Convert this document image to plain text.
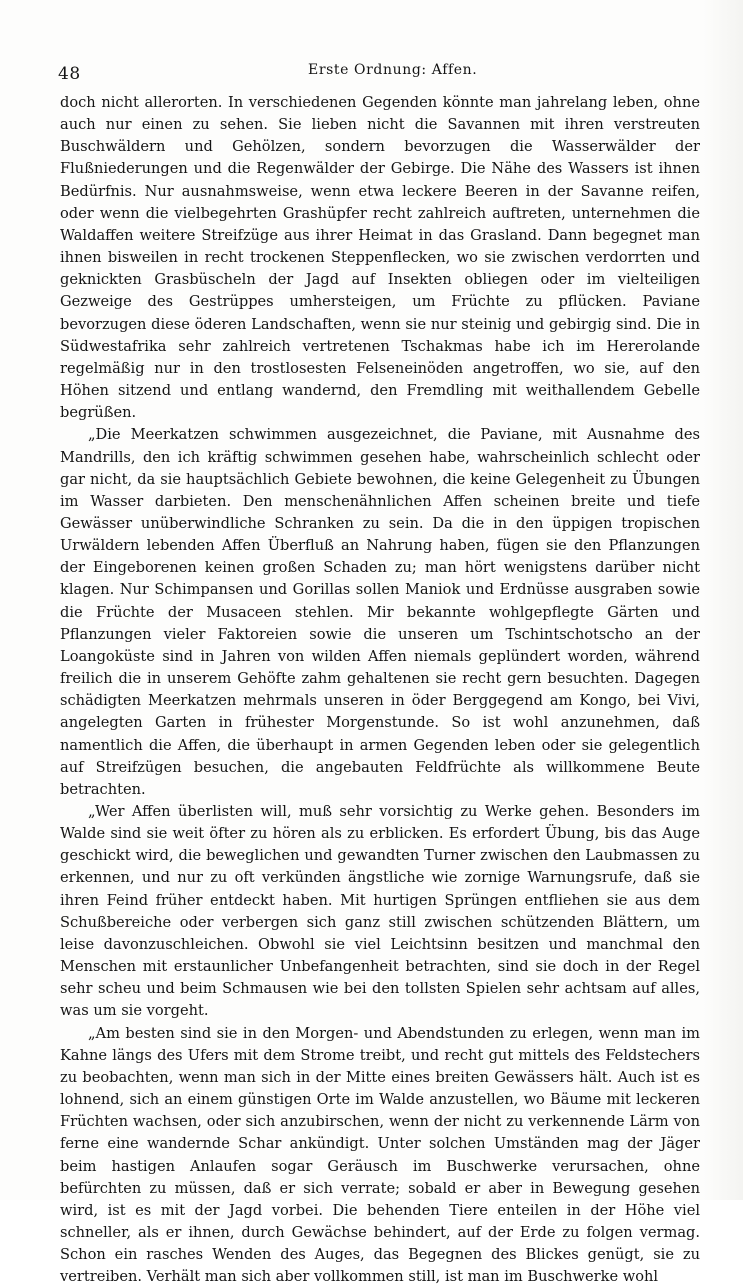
48	Erste Ordnung: Affen.

doch nicht allerorten. In verschiedenen Gegenden könnte man jahrelang leben, ohne auch nur einen zu sehen. Sie lieben nicht die Savannen mit ihren verstreuten Buschwäldern und Gehölzen, sondern bevorzugen die Wasserwälder der Flußniederungen und die Regenwälder der Gebirge. Die Nähe des Wassers ist ihnen Bedürfnis. Nur ausnahmsweise, wenn etwa leckere Beeren in der Savanne reifen, oder wenn die vielbegehrten Grashüpfer recht zahlreich auftreten, unternehmen die Waldaffen weitere Streifzüge aus ihrer Heimat in das Grasland. Dann begegnet man ihnen bisweilen in recht trockenen Steppenflecken, wo sie zwischen verdorrten und geknickten Grasbüscheln der Jagd auf Insekten obliegen oder im vielteiligen Gezweige des Gestrüppes umhersteigen, um Früchte zu pflücken. Paviane bevorzugen diese öderen Landschaften, wenn sie nur steinig und gebirgig sind. Die in Südwestafrika sehr zahlreich vertretenen Tschakmas habe ich im Hererolande regelmäßig nur in den trostlosesten Felseneinöden angetroffen, wo sie, auf den Höhen sitzend und entlang wandernd, den Fremdling mit weithallendem Gebelle begrüßen.

„Die Meerkatzen schwimmen ausgezeichnet, die Paviane, mit Ausnahme des Mandrills, den ich kräftig schwimmen gesehen habe, wahrscheinlich schlecht oder gar nicht, da sie hauptsächlich Gebiete bewohnen, die keine Gelegenheit zu Übungen im Wasser darbieten. Den menschenähnlichen Affen scheinen breite und tiefe Gewässer unüberwindliche Schranken zu sein. Da die in den üppigen tropischen Urwäldern lebenden Affen Überfluß an Nahrung haben, fügen sie den Pflanzungen der Eingeborenen keinen großen Schaden zu; man hört wenigstens darüber nicht klagen. Nur Schimpansen und Gorillas sollen Maniok und Erdnüsse ausgraben sowie die Früchte der Musaceen stehlen. Mir bekannte wohlgepflegte Gärten und Pflanzungen vieler Faktoreien sowie die unseren um Tschintschotscho an der Loangoküste sind in Jahren von wilden Affen niemals geplündert worden, während freilich die in unserem Gehöfte zahm gehaltenen sie recht gern besuchten. Dagegen schädigten Meerkatzen mehrmals unseren in öder Berggegend am Kongo, bei Vivi, angelegten Garten in frühester Morgenstunde. So ist wohl anzunehmen, daß namentlich die Affen, die überhaupt in armen Gegenden leben oder sie gelegentlich auf Streifzügen besuchen, die angebauten Feldfrüchte als willkommene Beute betrachten.

„Wer Affen überlisten will, muß sehr vorsichtig zu Werke gehen. Besonders im Walde sind sie weit öfter zu hören als zu erblicken. Es erfordert Übung, bis das Auge geschickt wird, die beweglichen und gewandten Turner zwischen den Laubmassen zu erkennen, und nur zu oft verkünden ängstliche wie zornige Warnungsrufe, daß sie ihren Feind früher entdeckt haben. Mit hurtigen Sprüngen entfliehen sie aus dem Schußbereiche oder verbergen sich ganz still zwischen schützenden Blättern, um leise davonzuschleichen. Obwohl sie viel Leichtsinn besitzen und manchmal den Menschen mit erstaunlicher Unbefangenheit betrachten, sind sie doch in der Regel sehr scheu und beim Schmausen wie bei den tollsten Spielen sehr achtsam auf alles, was um sie vorgeht.

„Am besten sind sie in den Morgen- und Abendstunden zu erlegen, wenn man im Kahne längs des Ufers mit dem Strome treibt, und recht gut mittels des Feldstechers zu beobachten, wenn man sich in der Mitte eines breiten Gewässers hält. Auch ist es lohnend, sich an einem günstigen Orte im Walde anzustellen, wo Bäume mit leckeren Früchten wachsen, oder sich anzubirschen, wenn der nicht zu verkennende Lärm von ferne eine wandernde Schar ankündigt. Unter solchen Umständen mag der Jäger beim hastigen Anlaufen sogar Geräusch im Buschwerke verursachen, ohne befürchten zu müssen, daß er sich verrate; sobald er aber in Bewegung gesehen wird, ist es mit der Jagd vorbei. Die behenden Tiere enteilen in der Höhe viel schneller, als er ihnen, durch Gewächse behindert, auf der Erde zu folgen vermag. Schon ein rasches Wenden des Auges, das Begegnen des Blickes genügt, sie zu vertreiben. Verhält man sich aber vollkommen still, ist man im Buschwerke wohl
